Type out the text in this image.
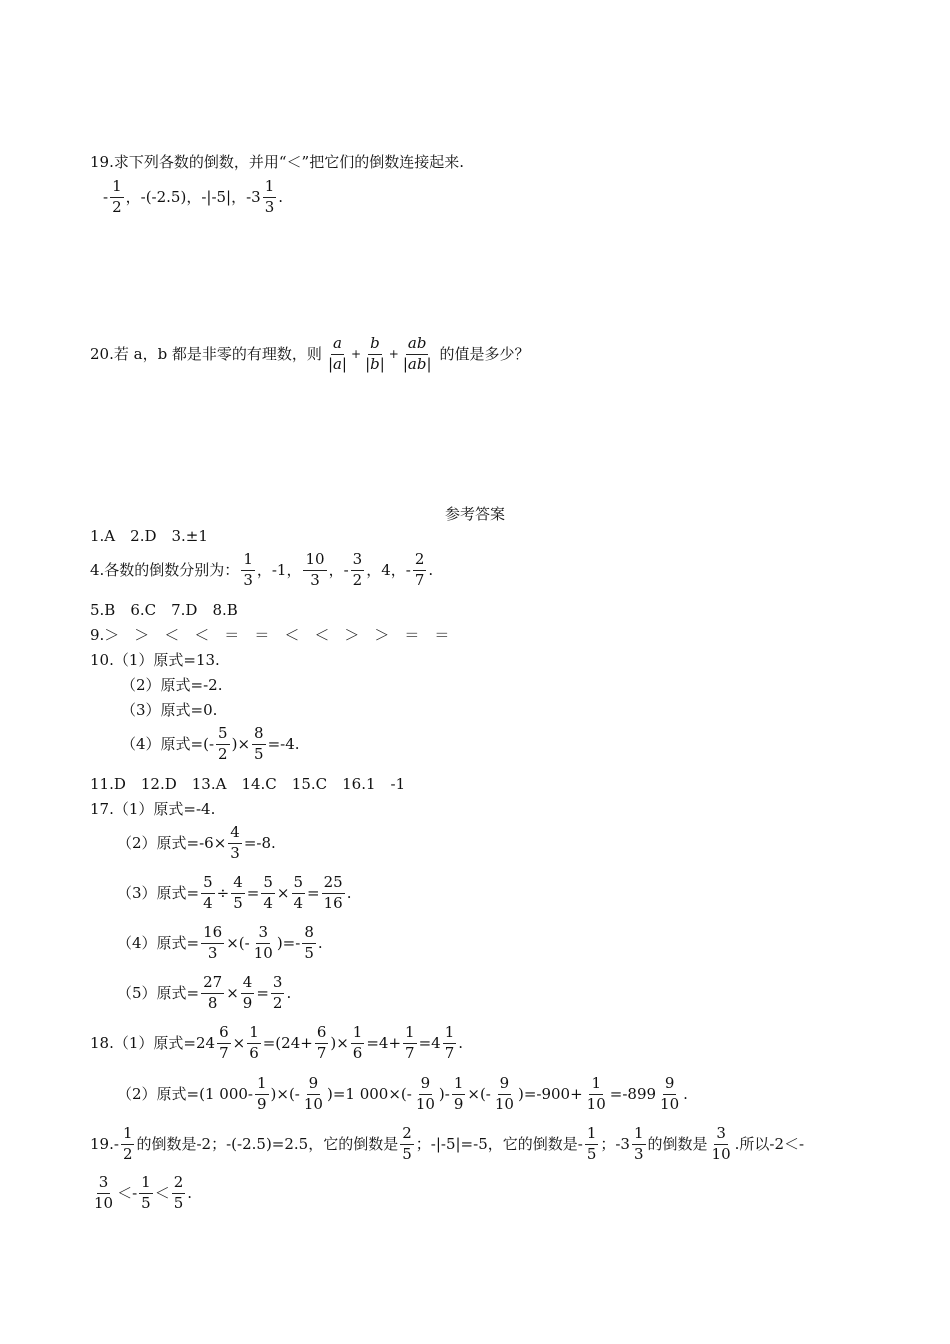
19.求下列各数的倒数，并用“＜”把它们的倒数连接起来.
- $\frac{1}{2}$ ，-(-2.5)，-|-5|，$-3 \frac{1}{3}$ .
20.若 a，b 都是非零的有理数，则 $\frac{a}{|a|} + \frac{b}{|b|} + \frac{ab}{|ab|}$ 的值是多少？
参考答案
1.A　2.D　3.±1
4.各数的倒数分别为： $\frac{1}{3}$ ，-1， $\frac{10}{3}$ ，- $\frac{3}{2}$ ，4，- $\frac{2}{7}$ .
5.B　6.C　7.D　8.B
9.＞　＞　＜　＜　＝　＝　＜　＜　＞　＞　＝　＝
10.（1）原式=13.
（2）原式=-2.
（3）原式=0.
（4）原式=(- $\frac{5}{2}$ )× $\frac{8}{5} =-4$.
11.D　12.D　13.A　14.C　15.C　16.1　-1
17.（1）原式=-4.
（2）原式$=-6\times \frac{4}{3} =-8$.
（3）原式= $\frac{5}{4} \div \frac{4}{5} = \frac{5}{4} \times \frac{5}{4} = \frac{25}{16}$ .
（4）原式= $\frac{16}{3}$ ×(- $\frac{3}{10}$ )=- $\frac{8}{5}$ .
（5）原式= $\frac{27}{8} \times \frac{4}{9} = \frac{3}{2}$ .
18.（1）原式$=24 \frac{6}{7} \times \frac{1}{6} =(24+ \frac{6}{7}$ )× $\frac{1}{6} =4+ \frac{1}{7} =4 \frac{1}{7}$ .
（2）原式=(1 $000- \frac{1}{9}$ )×(- $\frac{9}{10} )=1$ $000\times(- \frac{9}{10}$ )- $\frac{1}{9}$ ×(- $\frac{9}{10} )=-900+ \frac{1}{10} =-899 \frac{9}{10}$ .
$19.- \frac{1}{2}$ 的倒数是-2；-(-2.5)=2.5，它的倒数是 $\frac{2}{5}$ ；-|-5|=-5，它的倒数是- $\frac{1}{5}$ ；$-3 \frac{1}{3}$ 的倒数是 $\frac{3}{10}$ .所以-2＜-
$\frac{3}{10} <- \frac{1}{5} < \frac{2}{5}$ .
